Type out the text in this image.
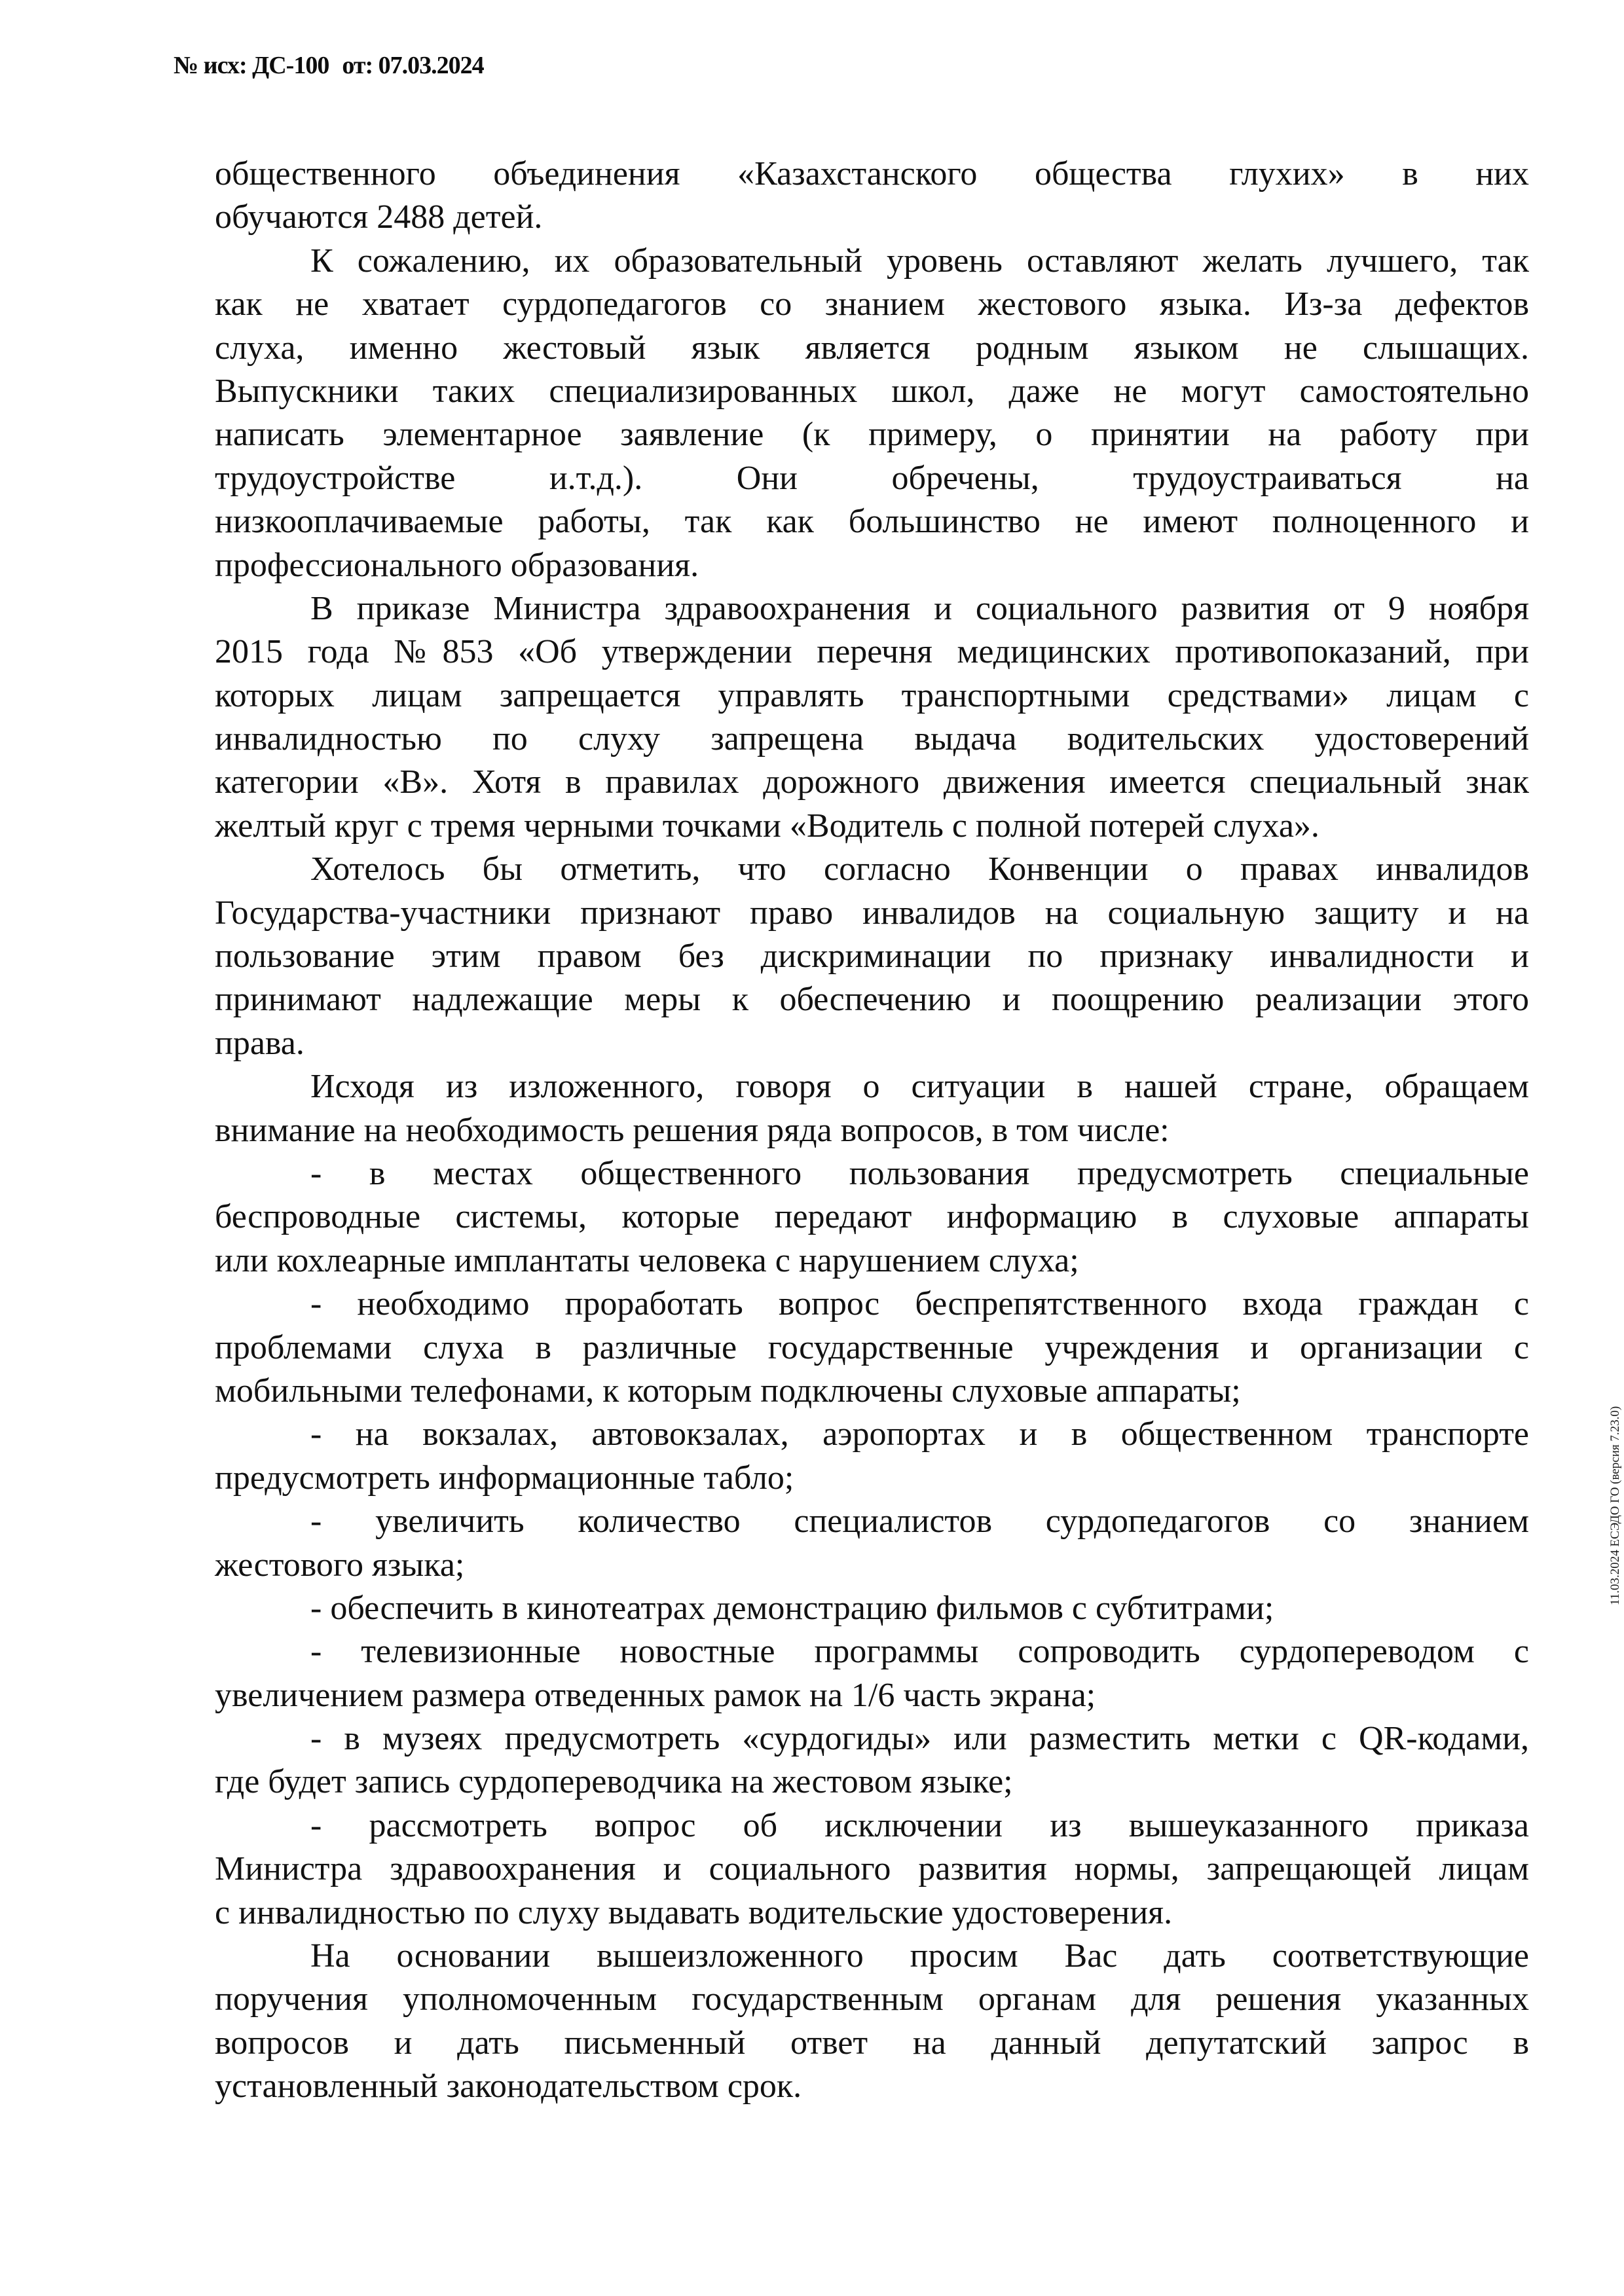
№ исх: ДС-100 от: 07.03.2024
общественного объединения «Казахстанского общества глухих» в них
обучаются 2488 детей.
К сожалению, их образовательный уровень оставляют желать лучшего, так
как не хватает сурдопедагогов со знанием жестового языка. Из-за дефектов
слуха, именно жестовый язык является родным языком не слышащих.
Выпускники таких специализированных школ, даже не могут самостоятельно
написать элементарное заявление (к примеру, о принятии на работу при
трудоустройстве и.т.д.). Они обречены, трудоустраиваться на
низкооплачиваемые работы, так как большинство не имеют полноценного и
профессионального образования.
В приказе Министра здравоохранения и социального развития от 9 ноября
2015 года №853 «Об утверждении перечня медицинских противопоказаний, при
которых лицам запрещается управлять транспортными средствами» лицам с
инвалидностью по слуху запрещена выдача водительских удостоверений
категории «В». Хотя в правилах дорожного движения имеется специальный знак
желтый круг с тремя черными точками «Водитель с полной потерей слуха».
Хотелось бы отметить, что согласно Конвенции о правах инвалидов
Государства-участники признают право инвалидов на социальную защиту и на
пользование этим правом без дискриминации по признаку инвалидности и
принимают надлежащие меры к обеспечению и поощрению реализации этого
права.
Исходя из изложенного, говоря о ситуации в нашей стране, обращаем
внимание на необходимость решения ряда вопросов, в том числе:
- в местах общественного пользования предусмотреть специальные
беспроводные системы, которые передают информацию в слуховые аппараты
или кохлеарные имплантаты человека с нарушением слуха;
- необходимо проработать вопрос беспрепятственного входа граждан с
проблемами слуха в различные государственные учреждения и организации с
мобильными телефонами, к которым подключены слуховые аппараты;
- на вокзалах, автовокзалах, аэропортах и в общественном транспорте
предусмотреть информационные табло;
- увеличить количество специалистов сурдопедагогов со знанием
жестового языка;
- обеспечить в кинотеатрах демонстрацию фильмов с субтитрами;
- телевизионные новостные программы сопроводить сурдопереводом с
увеличением размера отведенных рамок на 1/6 часть экрана;
- в музеях предусмотреть «сурдогиды» или разместить метки с QR-кодами,
где будет запись сурдопереводчика на жестовом языке;
- рассмотреть вопрос об исключении из вышеуказанного приказа
Министра здравоохранения и социального развития нормы, запрещающей лицам
с инвалидностью по слуху выдавать водительские удостоверения.
На основании вышеизложенного просим Вас дать соответствующие
поручения уполномоченным государственным органам для решения указанных
вопросов и дать письменный ответ на данный депутатский запрос в
установленный законодательством срок.
11.03.2024 ЕСЭДО ГО (версия 7.23.0)
